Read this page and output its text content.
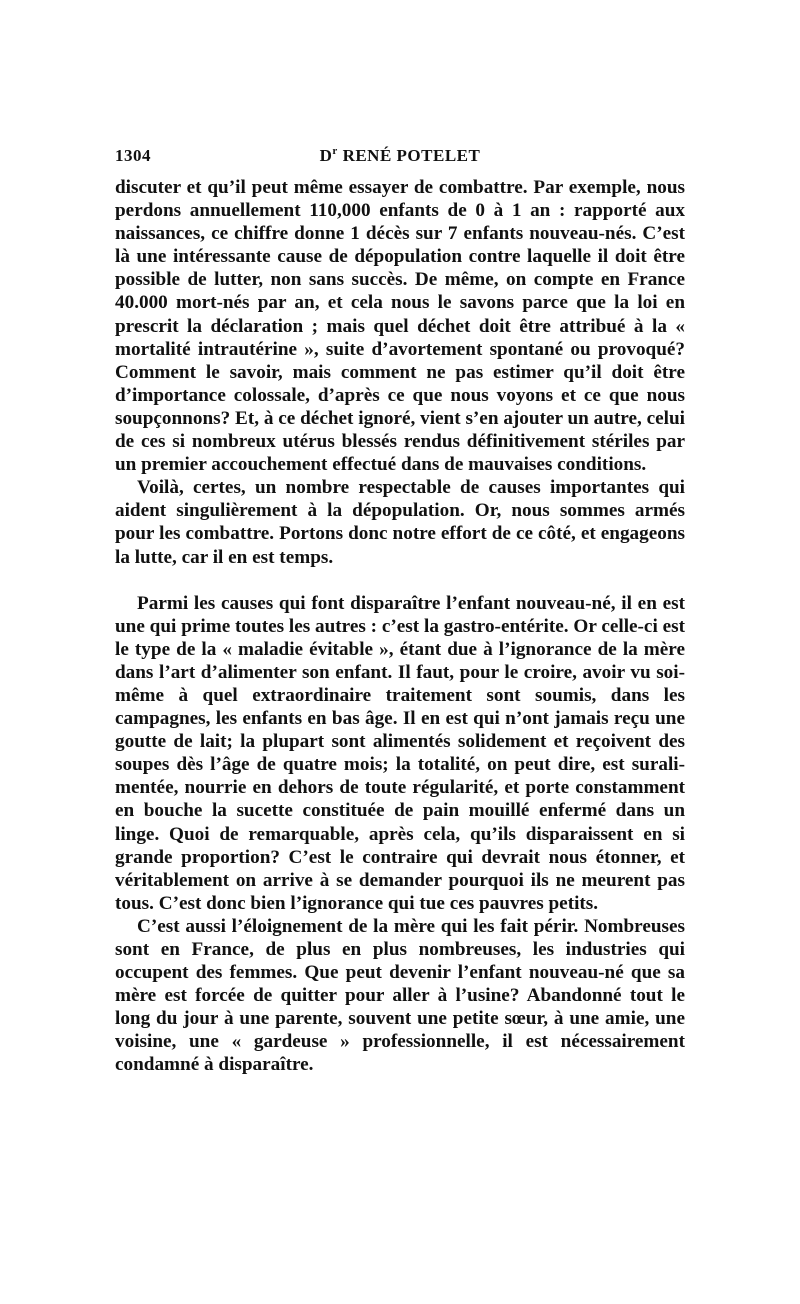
1304	$D^r$ RENÉ POTELET

discuter et qu’il peut même essayer de combattre. Par exemple, nous perdons annuellement 110,000 enfants de 0 à 1 an : rapporté aux naissances, ce chiffre donne 1 décès sur 7 enfants nouveau-nés. C’est là une intéressante cause de dépopulation contre laquelle il doit être possible de lutter, non sans succès. De même, on compte en France 40.000 mort-nés par an, et cela nous le savons parce que la loi en prescrit la déclaration ; mais quel déchet doit être attribué à la « mortalité intrautérine », suite d’avortement spontané ou provoqué? Comment le savoir, mais comment ne pas estimer qu’il doit être d’importance colossale, d’après ce que nous voyons et ce que nous soupçonnons? Et, à ce déchet ignoré, vient s’en ajouter un autre, celui de ces si nombreux utérus blessés rendus définitivement stériles par un premier accouchement effectué dans de mauvaises conditions.

Voilà, certes, un nombre respectable de causes importantes qui aident singulièrement à la dépopulation. Or, nous sommes armés pour les combattre. Portons donc notre effort de ce côté, et engageons la lutte, car il en est temps.

Parmi les causes qui font disparaître l’enfant nouveau-né, il en est une qui prime toutes les autres : c’est la gastro-entérite. Or celle-ci est le type de la « maladie évitable », étant due à l’ignorance de la mère dans l’art d’alimenter son enfant. Il faut, pour le croire, avoir vu soi-même à quel extraordinaire traitement sont soumis, dans les campagnes, les enfants en bas âge. Il en est qui n’ont jamais reçu une goutte de lait; la plupart sont alimentés solidement et reçoivent des soupes dès l’âge de quatre mois; la totalité, on peut dire, est suralimentée, nourrie en dehors de toute régularité, et porte constamment en bouche la sucette constituée de pain mouillé enfermé dans un linge. Quoi de remarquable, après cela, qu’ils disparaissent en si grande proportion? C’est le contraire qui devrait nous étonner, et véritablement on arrive à se demander pourquoi ils ne meurent pas tous. C’est donc bien l’ignorance qui tue ces pauvres petits.

C’est aussi l’éloignement de la mère qui les fait périr. Nombreuses sont en France, de plus en plus nombreuses, les industries qui occupent des femmes. Que peut devenir l’enfant nouveau-né que sa mère est forcée de quitter pour aller à l’usine? Abandonné tout le long du jour à une parente, souvent une petite sœur, à une amie, une voisine, une « gardeuse » professionnelle, il est nécessairement condamné à disparaître.
